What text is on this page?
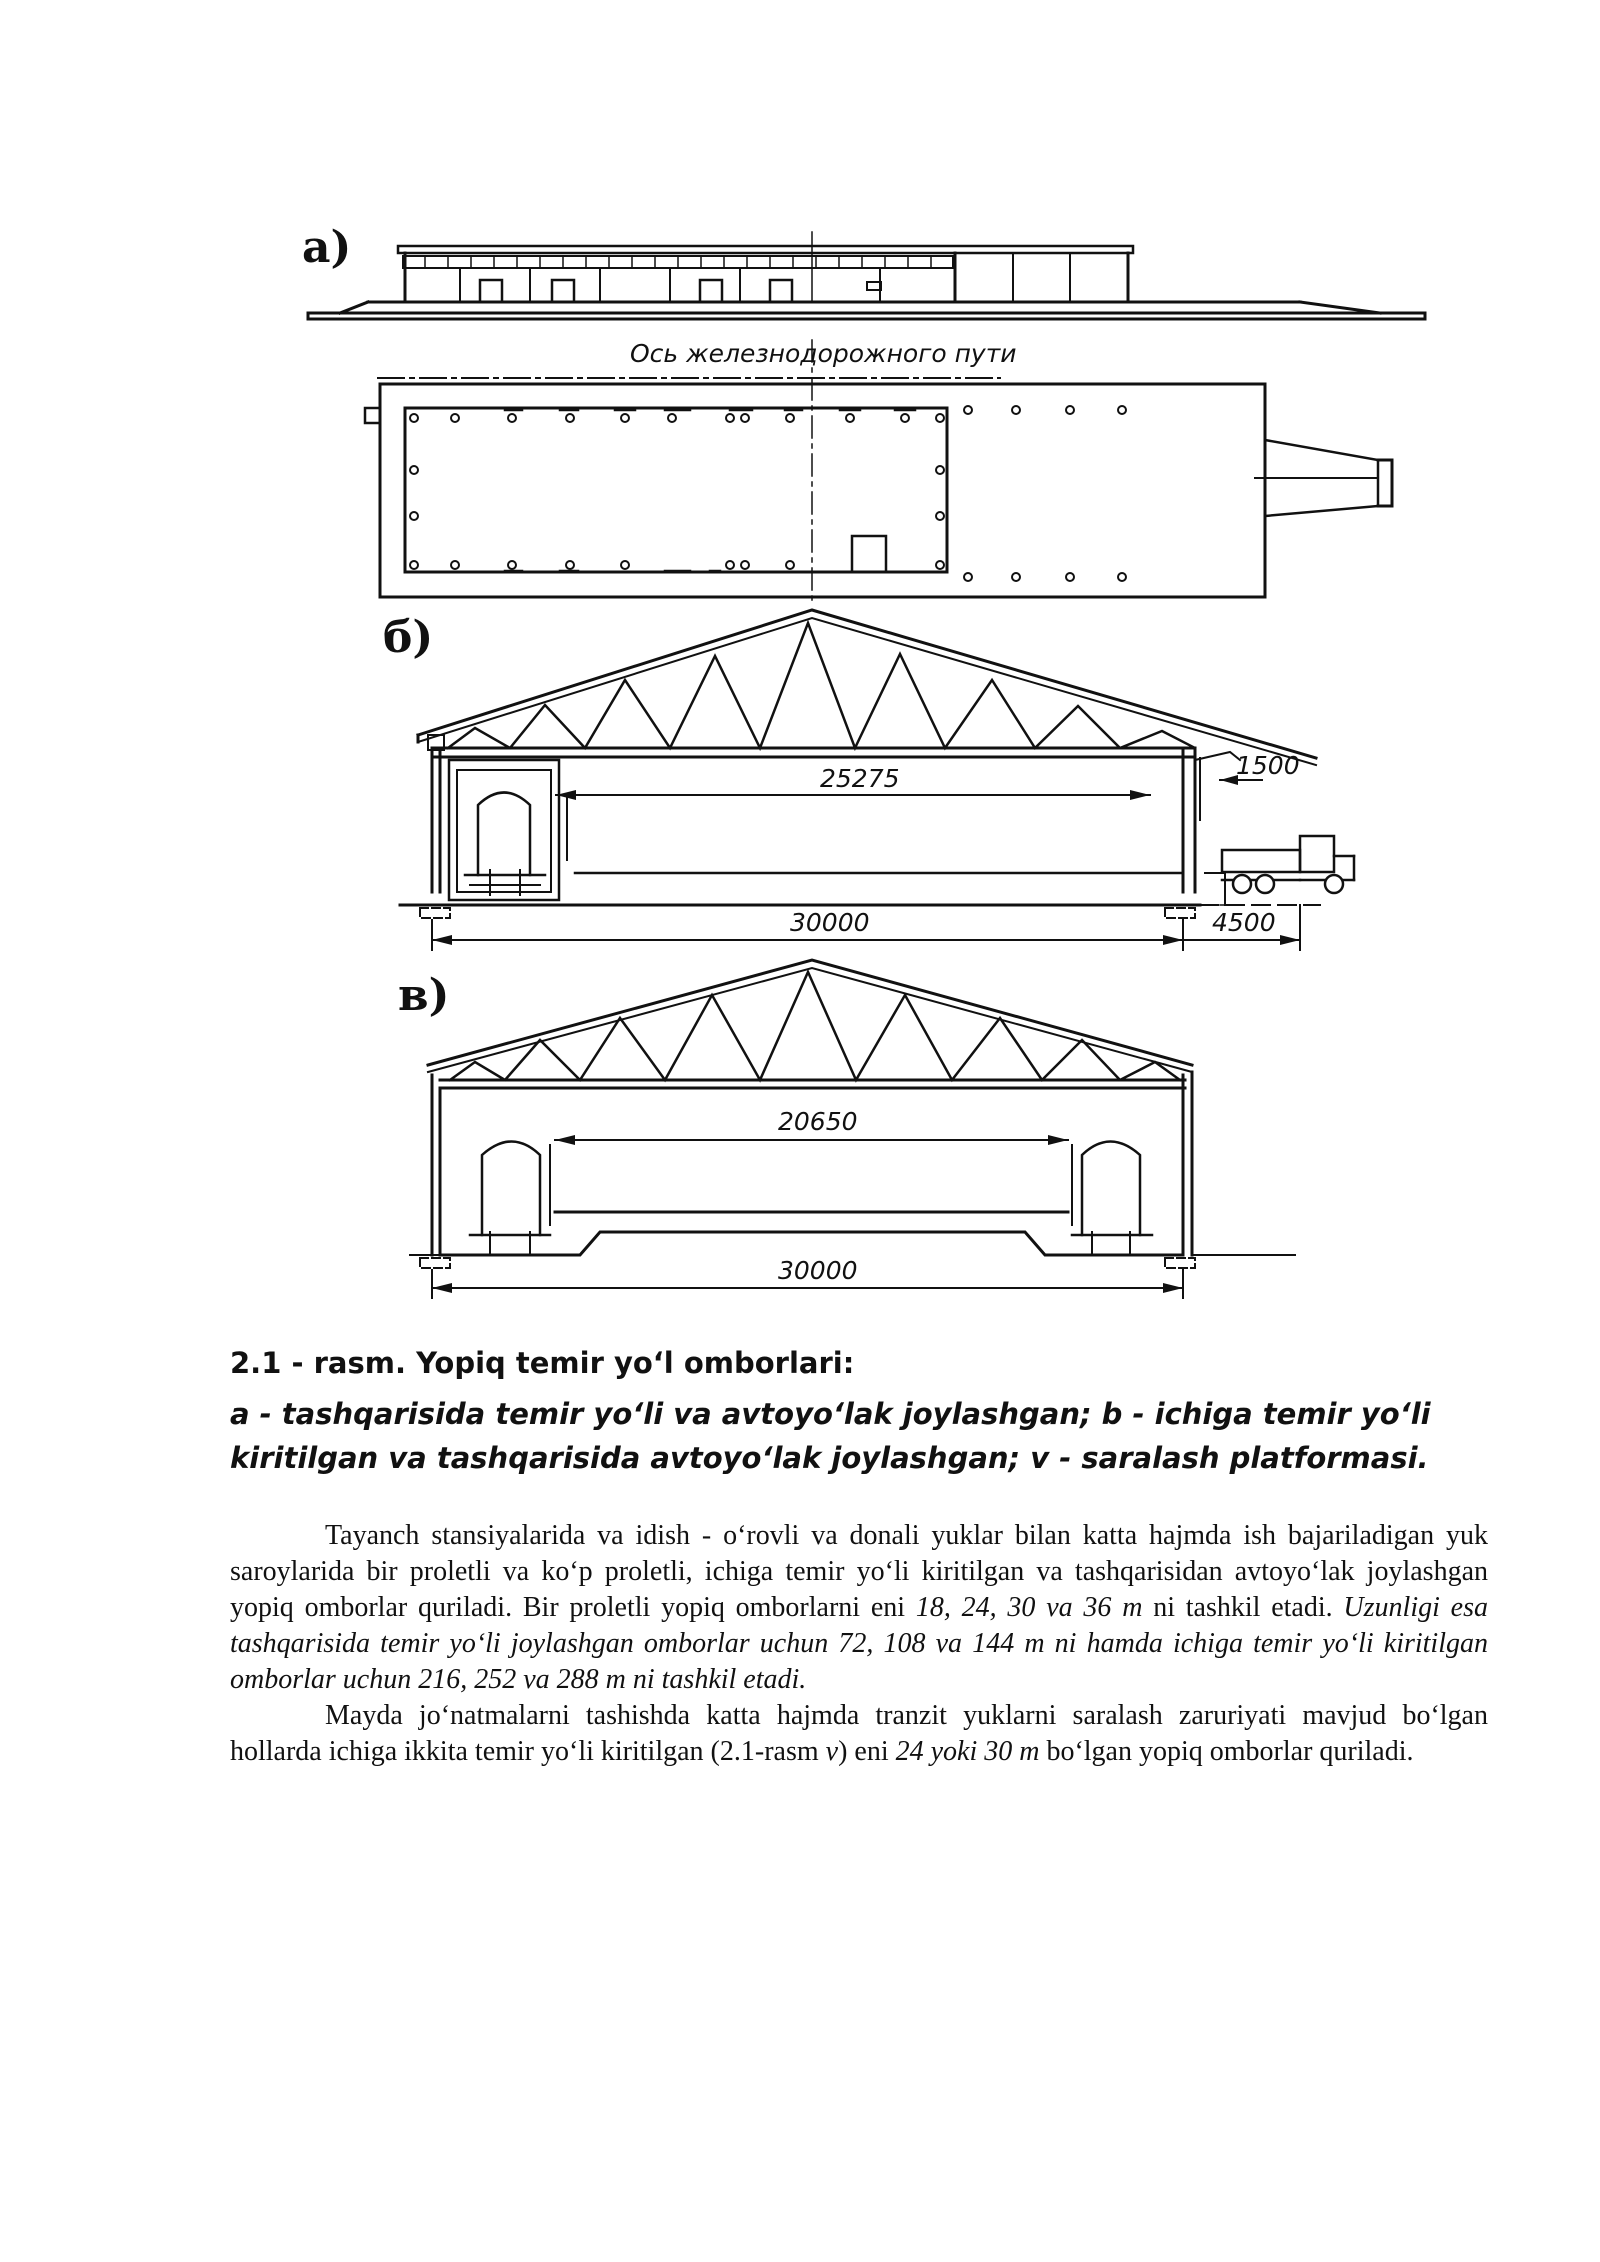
а)
Ось железнодорожного пути
б)
25275	1500
30000	4500
в)
20650
30000
2.1 - rasm. Yopiq temir yo‘l omborlari:
a - tashqarisida temir yo‘li va avtoyo‘lak joylashgan; b - ichiga temir yo‘li kiritilgan va tashqarisida avtoyo‘lak joylashgan; v - saralash platformasi.

Tayanch stansiyalarida va idish - o‘rovli va donali yuklar bilan katta hajmda ish bajariladigan yuk saroylarida bir proletli va ko‘p proletli, ichiga temir yo‘li kiritilgan va tashqarisidan avtoyo‘lak joylashgan yopiq omborlar quriladi. Bir proletli yopiq omborlarni eni 18, 24, 30 va 36 m ni tashkil etadi. Uzunligi esa tashqarisida temir yo‘li joylashgan omborlar uchun 72, 108 va 144 m ni hamda ichiga temir yo‘li kiritilgan omborlar uchun 216, 252 va 288 m ni tashkil etadi.

Mayda jo‘natmalarni tashishda katta hajmda tranzit yuklarni saralash zaruriyati mavjud bo‘lgan hollarda ichiga ikkita temir yo‘li kiritilgan (2.1-rasm v) eni 24 yoki 30 m bo‘lgan yopiq omborlar quriladi.
